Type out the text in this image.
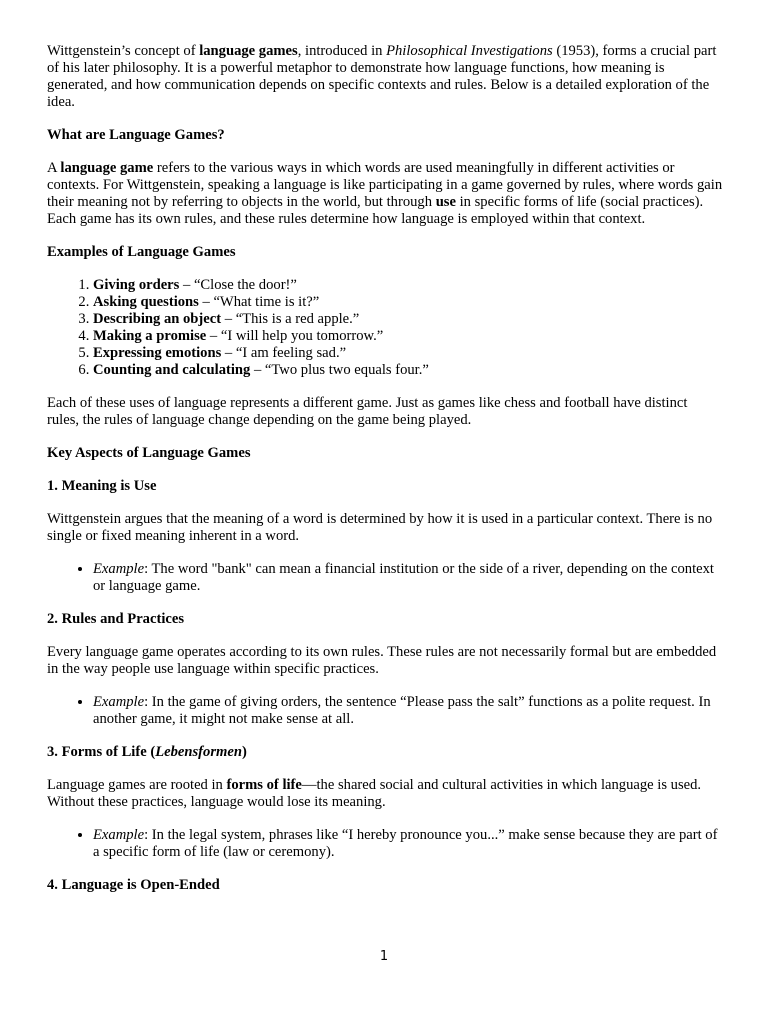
Wittgenstein’s concept of language games, introduced in Philosophical Investigations (1953), forms a crucial part of his later philosophy. It is a powerful metaphor to demonstrate how language functions, how meaning is generated, and how communication depends on specific contexts and rules. Below is a detailed exploration of the idea.

What are Language Games?

A language game refers to the various ways in which words are used meaningfully in different activities or contexts. For Wittgenstein, speaking a language is like participating in a game governed by rules, where words gain their meaning not by referring to objects in the world, but through use in specific forms of life (social practices). Each game has its own rules, and these rules determine how language is employed within that context.

Examples of Language Games
1. Giving orders – “Close the door!”
2. Asking questions – “What time is it?”
3. Describing an object – “This is a red apple.”
4. Making a promise – “I will help you tomorrow.”
5. Expressing emotions – “I am feeling sad.”
6. Counting and calculating – “Two plus two equals four.”

Each of these uses of language represents a different game. Just as games like chess and football have distinct rules, the rules of language change depending on the game being played.

Key Aspects of Language Games
1. Meaning is Use

Wittgenstein argues that the meaning of a word is determined by how it is used in a particular context. There is no single or fixed meaning inherent in a word.

• Example: The word "bank" can mean a financial institution or the side of a river, depending on the context or language game.
2. Rules and Practices

Every language game operates according to its own rules. These rules are not necessarily formal but are embedded in the way people use language within specific practices.

• Example: In the game of giving orders, the sentence “Please pass the salt” functions as a polite request. In another game, it might not make sense at all.
3. Forms of Life (Lebensformen)

Language games are rooted in forms of life—the shared social and cultural activities in which language is used. Without these practices, language would lose its meaning.

• Example: In the legal system, phrases like “I hereby pronounce you...” make sense because they are part of a specific form of life (law or ceremony).
4. Language is Open-Ended
1
